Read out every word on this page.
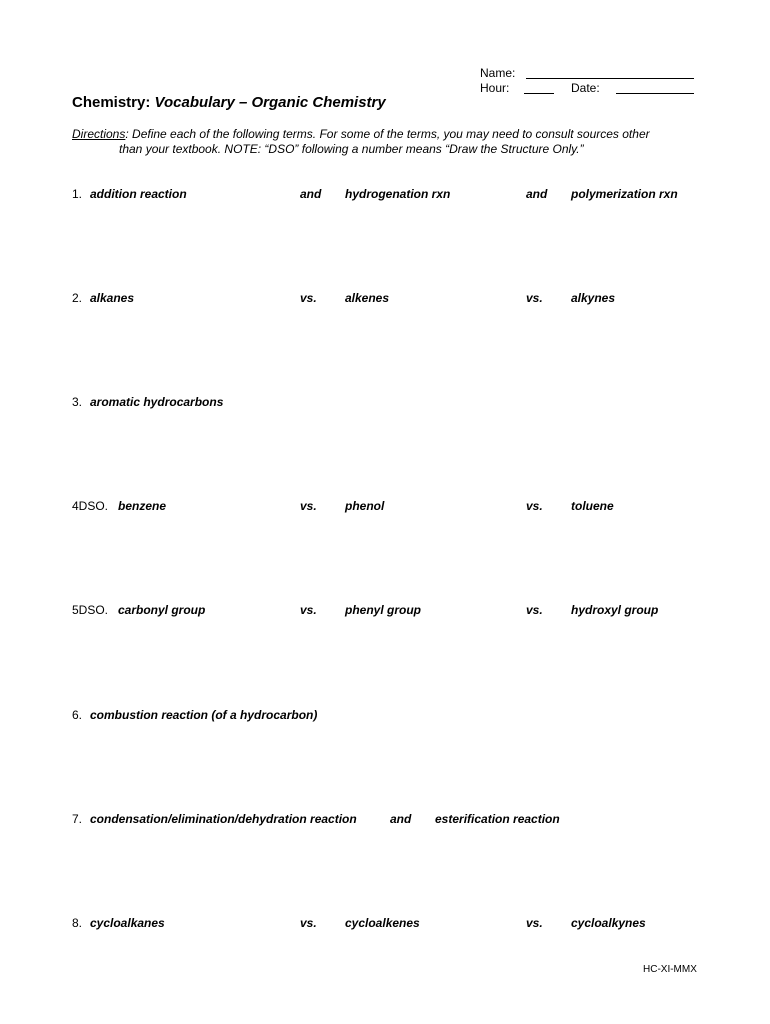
Name:
Hour:	Date:
Chemistry: Vocabulary – Organic Chemistry
Directions: Define each of the following terms. For some of the terms, you may need to consult sources other
than your textbook. NOTE: “DSO” following a number means “Draw the Structure Only.”
1. addition reaction	and hydrogenation rxn	and polymerization rxn
2. alkanes	vs. alkenes	vs. alkynes
3. aromatic hydrocarbons
4DSO. benzene	vs. phenol	vs. toluene
5DSO. carbonyl group	vs. phenyl group	vs. hydroxyl group
6. combustion reaction (of a hydrocarbon)
7. condensation/elimination/dehydration reaction	and esterification reaction
8. cycloalkanes	vs. cycloalkenes	vs. cycloalkynes
HC-XI-MMX
